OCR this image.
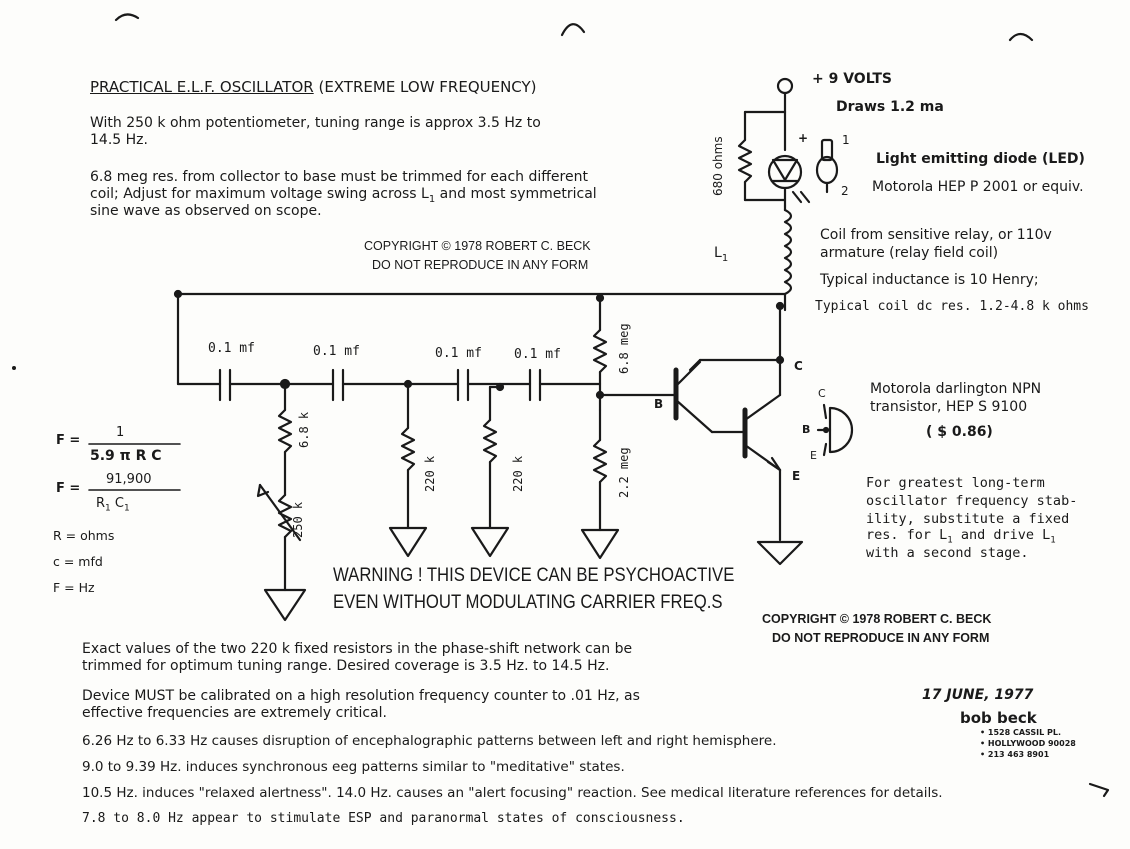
PRACTICAL E.L.F. OSCILLATOR (EXTREME LOW FREQUENCY)
With 250 k ohm potentiometer, tuning range is approx 3.5 Hz to
14.5 Hz.
6.8 meg res. from collector to base must be trimmed for each different
coil; Adjust for maximum voltage swing across $L_1$ and most symmetrical
sine wave as observed on scope.
COPYRIGHT © 1978 ROBERT C. BECK
DO NOT REPRODUCE IN ANY FORM
+ 9 VOLTS
Draws 1.2 ma
680 ohms	+	1
2
Light emitting diode (LED)
Motorola HEP P 2001 or equiv.
$L_1$
Coil from sensitive relay, or 110v
armature (relay field coil)
Typical inductance is 10 Henry;
Typical coil dc res. 1.2-4.8 k ohms
0.1 mf	0.1 mf	0.1 mf 0.1 mf
6.8 k
250 k
220 k	220 k	2.2 meg
6.8 meg	C
B
E
Motorola darlington NPN
transistor, HEP S 9100
( $ 0.86)
C
B
E
For greatest long-term
oscillator frequency stab-
ility, substitute a fixed
res. for $L_1$ and drive $L_1$
with a second stage.
F =
1
5.9 π R C
F =
91,900
$R_1$ $C_1$
R = ohms
c = mfd
F = Hz
WARNING ! THIS DEVICE CAN BE PSYCHOACTIVE
EVEN WITHOUT MODULATING CARRIER FREQ.S
COPYRIGHT © 1978 ROBERT C. BECK
DO NOT REPRODUCE IN ANY FORM
Exact values of the two 220 k fixed resistors in the phase-shift network can be
trimmed for optimum tuning range. Desired coverage is 3.5 Hz. to 14.5 Hz.
Device MUST be calibrated on a high resolution frequency counter to .01 Hz, as
effective frequencies are extremely critical.
6.26 Hz to 6.33 Hz causes disruption of encephalographic patterns between left and right hemisphere.
9.0 to 9.39 Hz. induces synchronous eeg patterns similar to "meditative" states.
10.5 Hz. induces "relaxed alertness". 14.0 Hz. causes an "alert focusing" reaction. See medical literature references for details.
7.8 to 8.0 Hz appear to stimulate ESP and paranormal states of consciousness.
17 JUNE, 1977
bob beck
• 1528 CASSIL PL.
• HOLLYWOOD 90028
• 213 463 8901
